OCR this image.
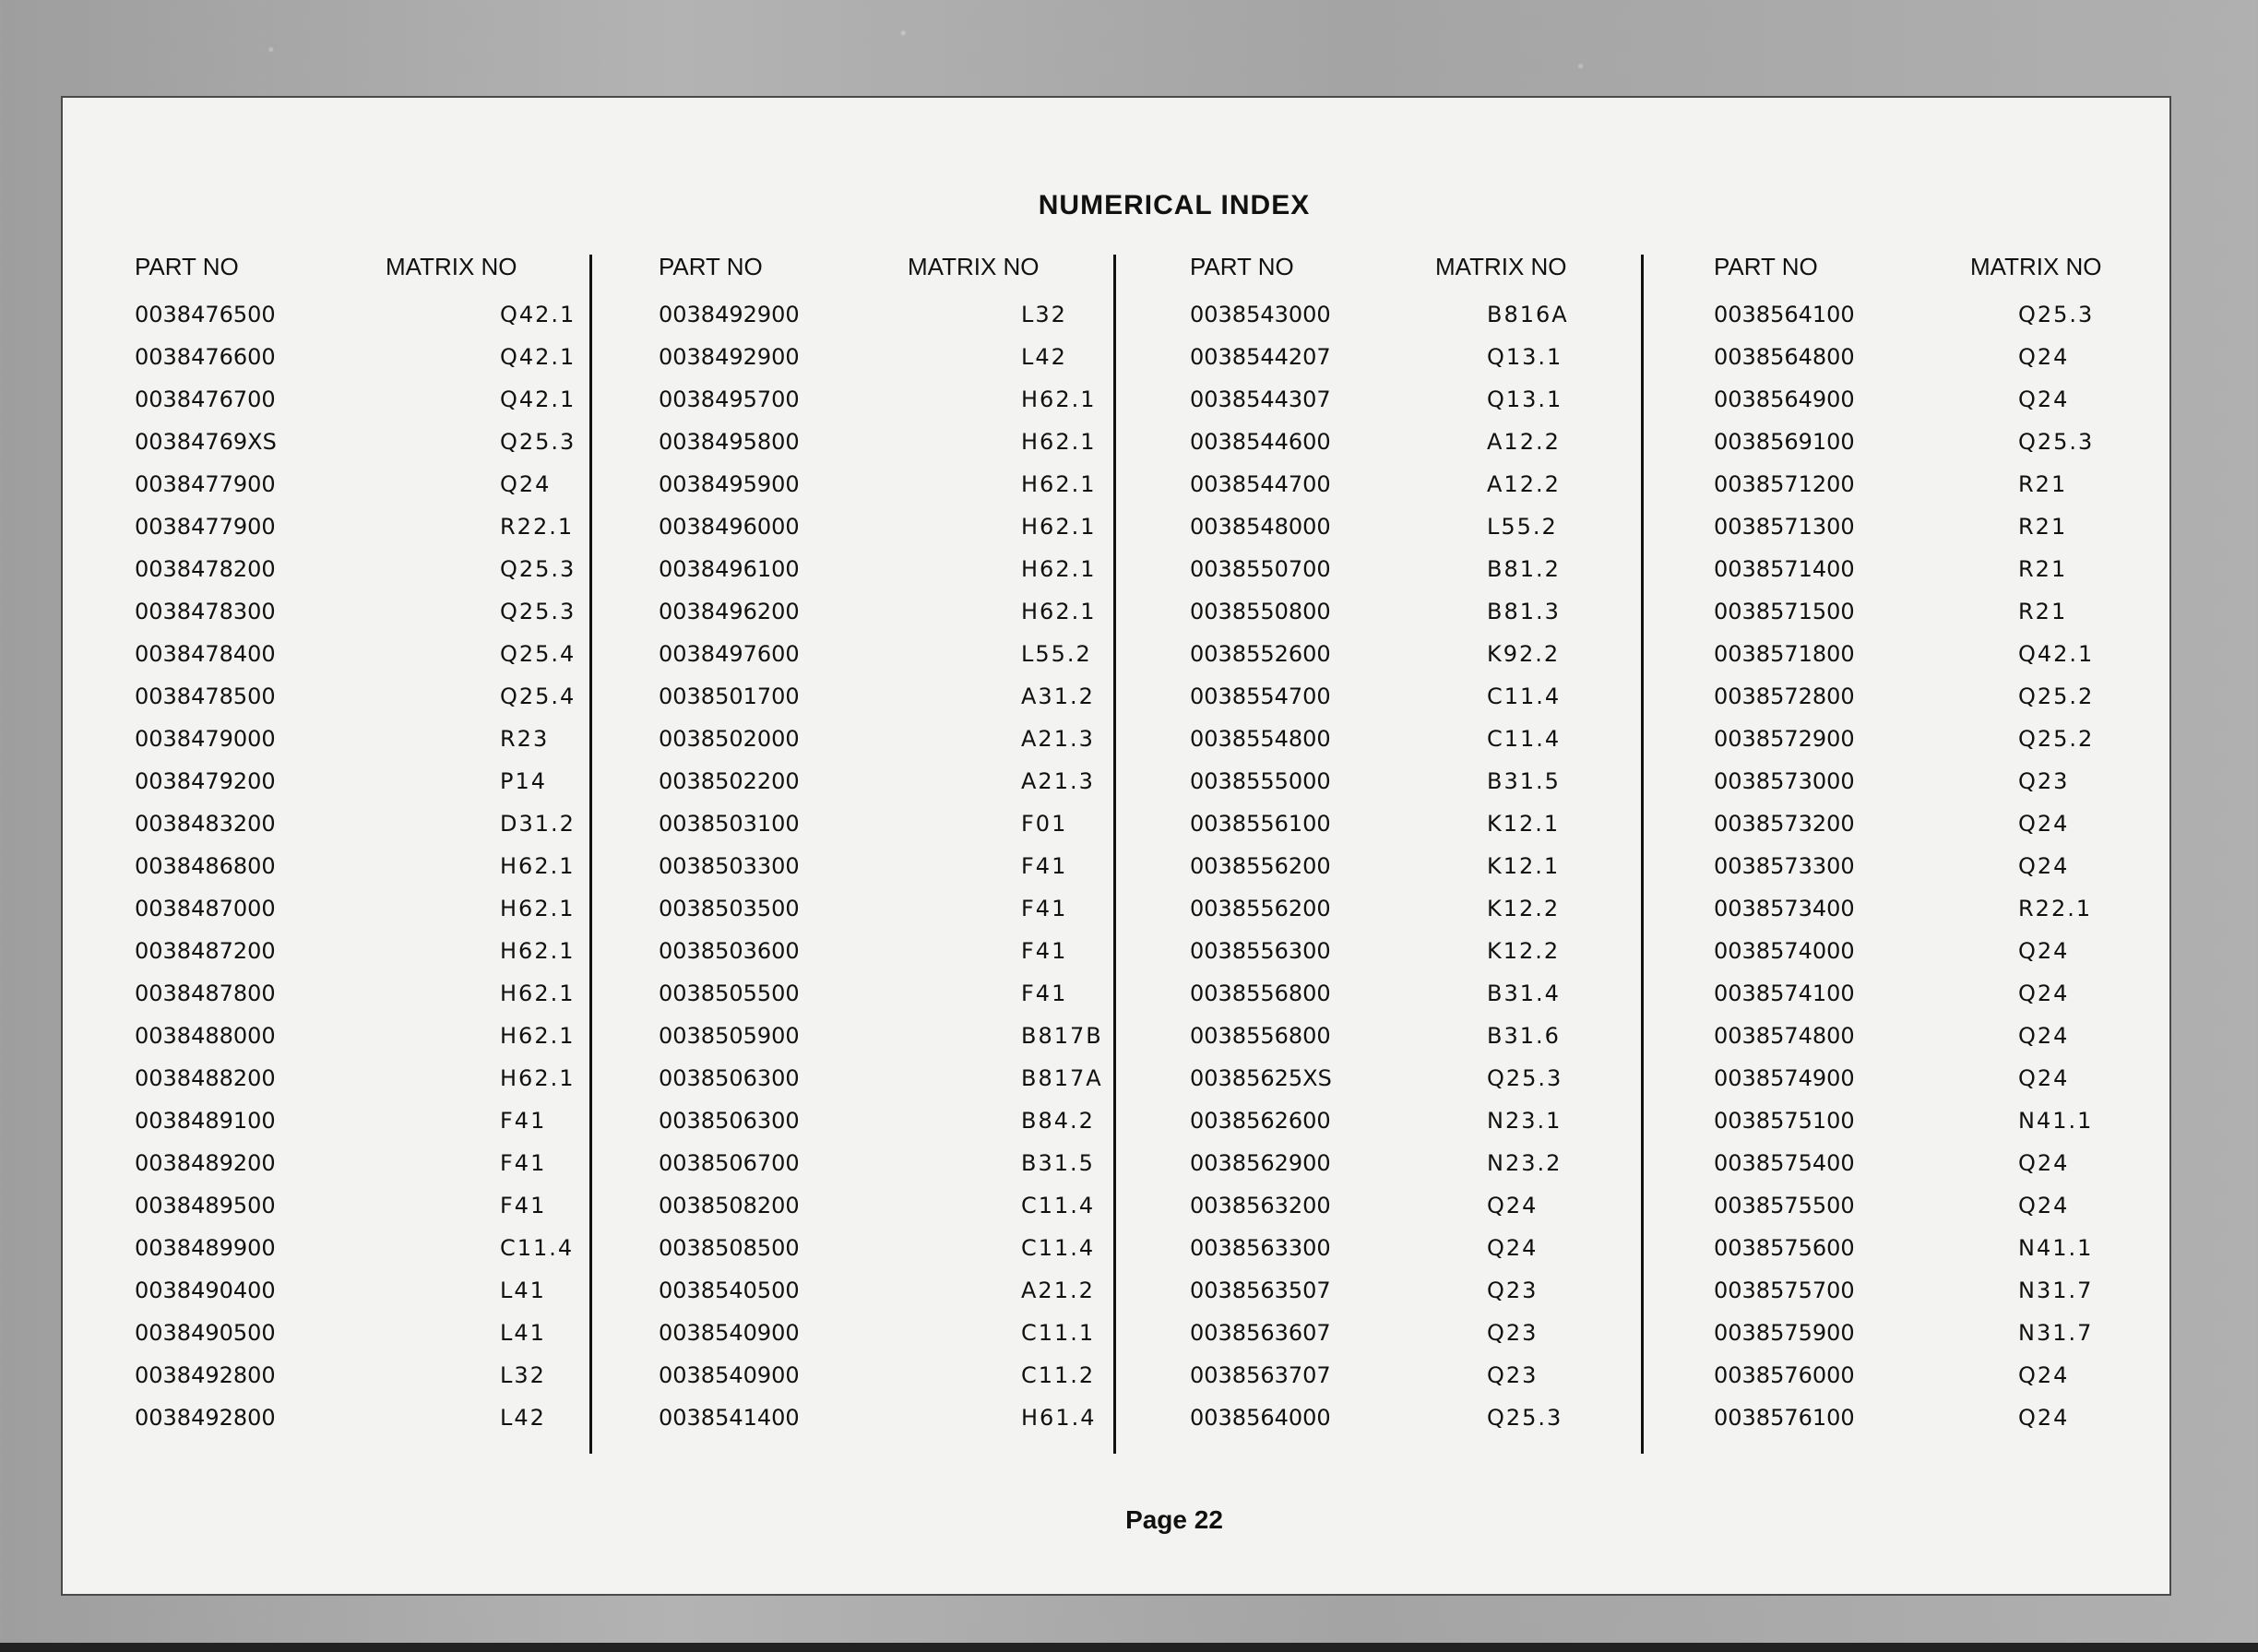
NUMERICAL INDEX
PART NO	MATRIX NO	PART NO	MATRIX NO	PART NO	MATRIX NO	PART NO	MATRIX NO
0038476500	Q42.1
0038476600	Q42.1
0038476700	Q42.1
00384769XS	Q25.3
0038477900	Q24
0038477900	R22.1
0038478200	Q25.3
0038478300	Q25.3
0038478400	Q25.4
0038478500	Q25.4
0038479000	R23
0038479200	P14
0038483200	D31.2
0038486800	H62.1
0038487000	H62.1
0038487200	H62.1
0038487800	H62.1
0038488000	H62.1
0038488200	H62.1
0038489100	F41
0038489200	F41
0038489500	F41
0038489900	C11.4
0038490400	L41
0038490500	L41
0038492800	L32
0038492800	L42
0038492900	L32
0038492900	L42
0038495700	H62.1
0038495800	H62.1
0038495900	H62.1
0038496000	H62.1
0038496100	H62.1
0038496200	H62.1
0038497600	L55.2
0038501700	A31.2
0038502000	A21.3
0038502200	A21.3
0038503100	F01
0038503300	F41
0038503500	F41
0038503600	F41
0038505500	F41
0038505900	B817B
0038506300	B817A
0038506300	B84.2
0038506700	B31.5
0038508200	C11.4
0038508500	C11.4
0038540500	A21.2
0038540900	C11.1
0038540900	C11.2
0038541400	H61.4
0038543000	B816A
0038544207	Q13.1
0038544307	Q13.1
0038544600	A12.2
0038544700	A12.2
0038548000	L55.2
0038550700	B81.2
0038550800	B81.3
0038552600	K92.2
0038554700	C11.4
0038554800	C11.4
0038555000	B31.5
0038556100	K12.1
0038556200	K12.1
0038556200	K12.2
0038556300	K12.2
0038556800	B31.4
0038556800	B31.6
00385625XS	Q25.3
0038562600	N23.1
0038562900	N23.2
0038563200	Q24
0038563300	Q24
0038563507	Q23
0038563607	Q23
0038563707	Q23
0038564000	Q25.3
0038564100	Q25.3
0038564800	Q24
0038564900	Q24
0038569100	Q25.3
0038571200	R21
0038571300	R21
0038571400	R21
0038571500	R21
0038571800	Q42.1
0038572800	Q25.2
0038572900	Q25.2
0038573000	Q23
0038573200	Q24
0038573300	Q24
0038573400	R22.1
0038574000	Q24
0038574100	Q24
0038574800	Q24
0038574900	Q24
0038575100	N41.1
0038575400	Q24
0038575500	Q24
0038575600	N41.1
0038575700	N31.7
0038575900	N31.7
0038576000	Q24
0038576100	Q24
Page 22
